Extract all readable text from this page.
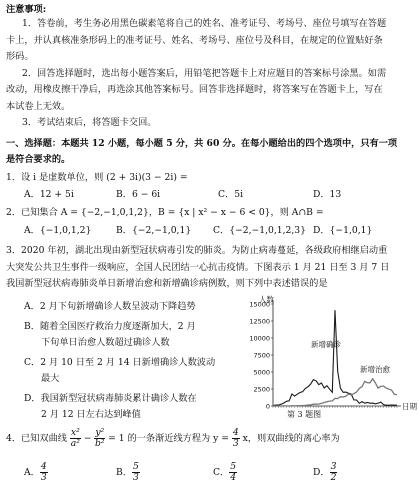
注意事项:
1．答卷前，考生务必用黑色碳素笔将自己的姓名、准考证号、考场号、座位号填写在答题
卡上，并认真核准条形码上的准考证号、姓名、考场号、座位号及科目，在规定的位置贴好条
形码。
2．回答选择题时，选出每小题答案后，用铅笔把答题卡上对应题目的答案标号涂黑。如需
改动，用橡皮擦干净后，再选涂其他答案标号。回答非选择题时，将答案写在答题卡上，写在
本试卷上无效。
3．考试结束后，将答题卡交回。
一、选择题：本题共 12 小题，每小题 5 分，共 60 分。在每小题给出的四个选项中，只有一项
是符合要求的。
1．设 i 是虚数单位，则 (2 + 3i)(3 − 2i) =
A．12 + 5i	B．6 − 6i	C．5i	D．13
2．已知集合 A = {−2,−1,0,1,2}，B = {x | x² − x − 6 < 0}，则 A∩B =
A．{−1,0,1,2}	B．{−2,−1,0,1} C．{−2,−1,0,1,2,3} D．{−1,0,1}
3．2020 年初，湖北出现由新型冠状病毒引发的肺炎。为防止病毒蔓延，各级政府相继启动重
大突发公共卫生事件一级响应，全国人民团结一心抗击疫情。下图表示 1 月 21 日至 3 月 7 日
我国新型冠状病毒肺炎单日新增治愈和新增确诊病例数，则下列中表述错误的是
A．2 月下旬新增确诊人数呈波动下降趋势
B．随着全国医疗救治力度逐渐加大，2 月
下旬单日治愈人数超过确诊人数
C．2 月 10 日至 2 月 14 日新增确诊人数波动
最大
D．我国新型冠状病毒肺炎累计确诊人数在
2 月 12 日左右达到峰值
0
2500
5000
7500
10000
12500
15000
人数
日期
新增确诊
新增治愈
第 3 题图
4．已知双曲线 $\frac{\text{x²}}{\text{a²}} - \frac{\text{y²}}{\text{b²}} = 1$ 的一条渐近线方程为 $y = \frac{4}{3}$ x，则双曲线的离心率为
A． $\frac{4}{3}$	B． $\frac{5}{3}$	C． $\frac{5}{4}$	D． $\frac{3}{2}$
